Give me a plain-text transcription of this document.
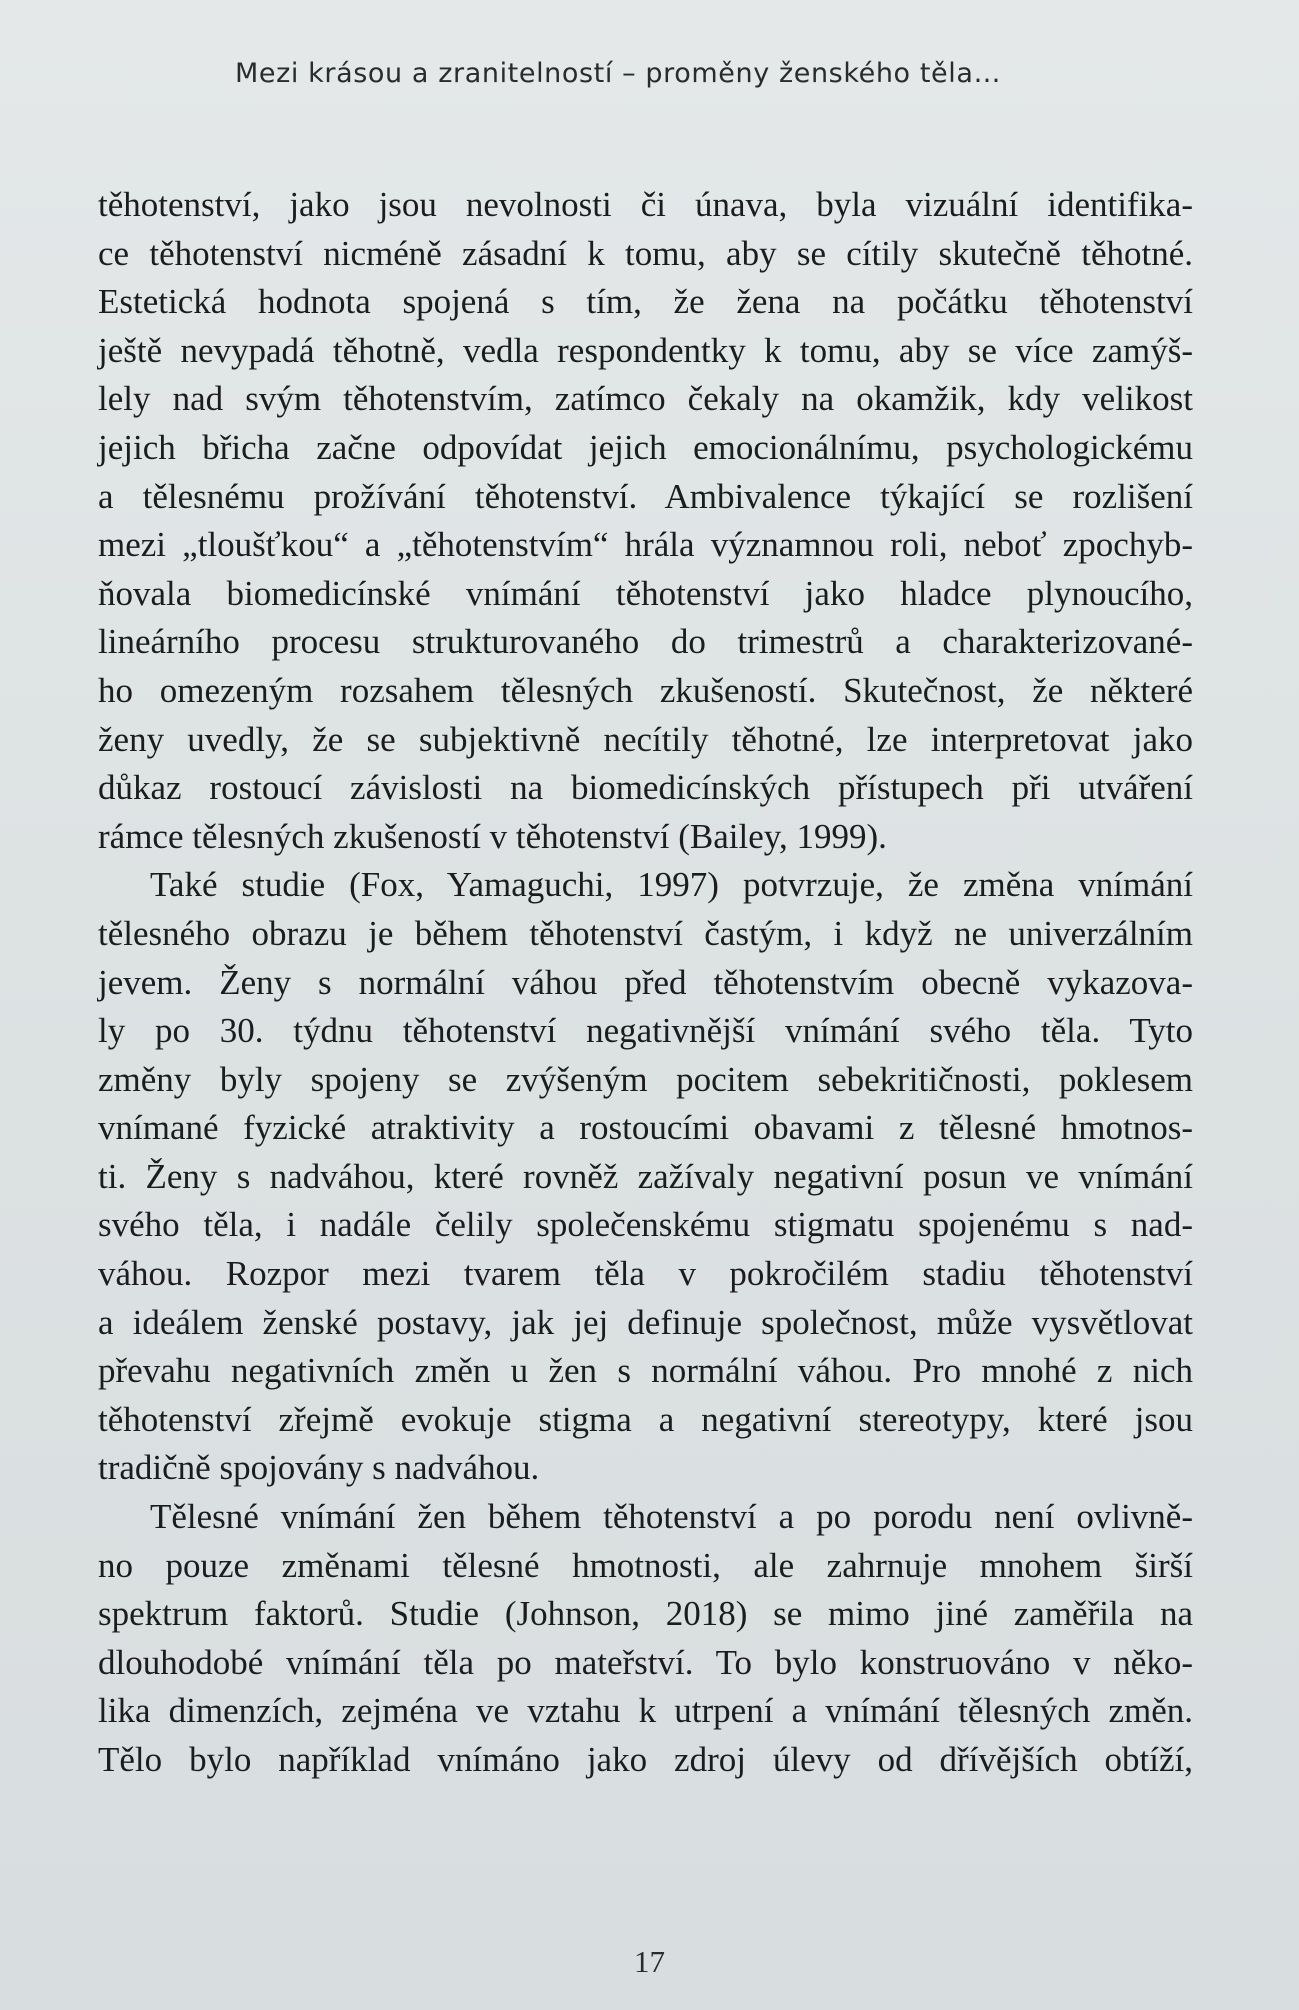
Mezi krásou a zranitelností – proměny ženského těla…
těhotenství, jako jsou nevolnosti či únava, byla vizuální identifika-
ce těhotenství nicméně zásadní k tomu, aby se cítily skutečně těhotné.
Estetická hodnota spojená s tím, že žena na počátku těhotenství
ještě nevypadá těhotně, vedla respondentky k tomu, aby se více zamýš-
lely nad svým těhotenstvím, zatímco čekaly na okamžik, kdy velikost
jejich břicha začne odpovídat jejich emocionálnímu, psychologickému
a tělesnému prožívání těhotenství. Ambivalence týkající se rozlišení
mezi „tloušťkou“ a „těhotenstvím“ hrála významnou roli, neboť zpochyb-
ňovala biomedicínské vnímání těhotenství jako hladce plynoucího,
lineárního procesu strukturovaného do trimestrů a charakterizované-
ho omezeným rozsahem tělesných zkušeností. Skutečnost, že některé
ženy uvedly, že se subjektivně necítily těhotné, lze interpretovat jako
důkaz rostoucí závislosti na biomedicínských přístupech při utváření
rámce tělesných zkušeností v těhotenství (Bailey, 1999).
Také studie (Fox, Yamaguchi, 1997) potvrzuje, že změna vnímání
tělesného obrazu je během těhotenství častým, i když ne univerzálním
jevem. Ženy s normální váhou před těhotenstvím obecně vykazova-
ly po 30. týdnu těhotenství negativnější vnímání svého těla. Tyto
změny byly spojeny se zvýšeným pocitem sebekritičnosti, poklesem
vnímané fyzické atraktivity a rostoucími obavami z tělesné hmotnos-
ti. Ženy s nadváhou, které rovněž zažívaly negativní posun ve vnímání
svého těla, i nadále čelily společenskému stigmatu spojenému s nad-
váhou. Rozpor mezi tvarem těla v pokročilém stadiu těhotenství
a ideálem ženské postavy, jak jej definuje společnost, může vysvětlovat
převahu negativních změn u žen s normální váhou. Pro mnohé z nich
těhotenství zřejmě evokuje stigma a negativní stereotypy, které jsou
tradičně spojovány s nadváhou.
Tělesné vnímání žen během těhotenství a po porodu není ovlivně-
no pouze změnami tělesné hmotnosti, ale zahrnuje mnohem širší
spektrum faktorů. Studie (Johnson, 2018) se mimo jiné zaměřila na
dlouhodobé vnímání těla po mateřství. To bylo konstruováno v něko-
lika dimenzích, zejména ve vztahu k utrpení a vnímání tělesných změn.
Tělo bylo například vnímáno jako zdroj úlevy od dřívějších obtíží,
17
